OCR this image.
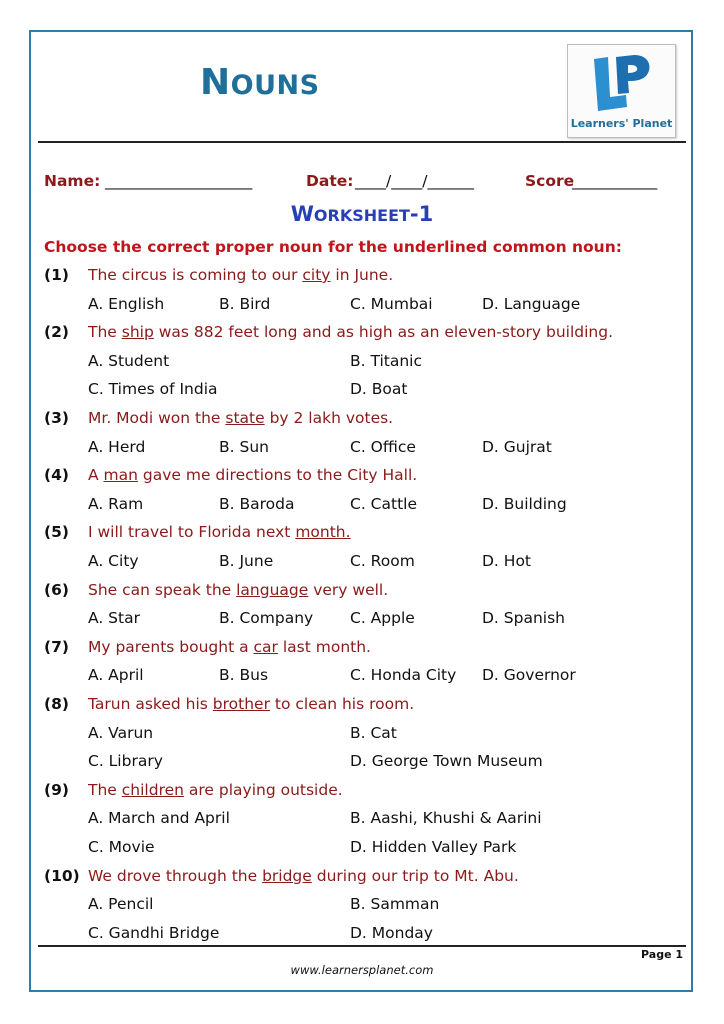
NOUNS
Learners' Planet
Name: ___________________	Date: ____/____/______	Score
___________
WORKSHEET-1
Choose the correct proper noun for the underlined common noun:
(1) The circus is coming to our city in June.
A. English	B. Bird	C. Mumbai	D. Language
(2) The ship was 882 feet long and as high as an eleven-story building.
A. Student	B. Titanic
C. Times of India	D. Boat
(3) Mr. Modi won the state by 2 lakh votes.
A. Herd	B. Sun	C. Office	D. Gujrat
(4) A man gave me directions to the City Hall.
A. Ram	B. Baroda	C. Cattle	D. Building
(5) I will travel to Florida next month.
A. City	B. June	C. Room	D. Hot
(6) She can speak the language very well.
A. Star	B. Company C. Apple	D. Spanish
(7) My parents bought a car last month.
A. April	B. Bus	C. Honda City D. Governor
(8) Tarun asked his brother to clean his room.
A. Varun	B. Cat
C. Library	D. George Town Museum
(9) The children are playing outside.
A. March and April	B. Aashi, Khushi & Aarini
C. Movie	D. Hidden Valley Park
(10) We drove through the bridge during our trip to Mt. Abu.
A. Pencil	B. Samman
C. Gandhi Bridge	D. Monday
Page 1
www.learnersplanet.com
